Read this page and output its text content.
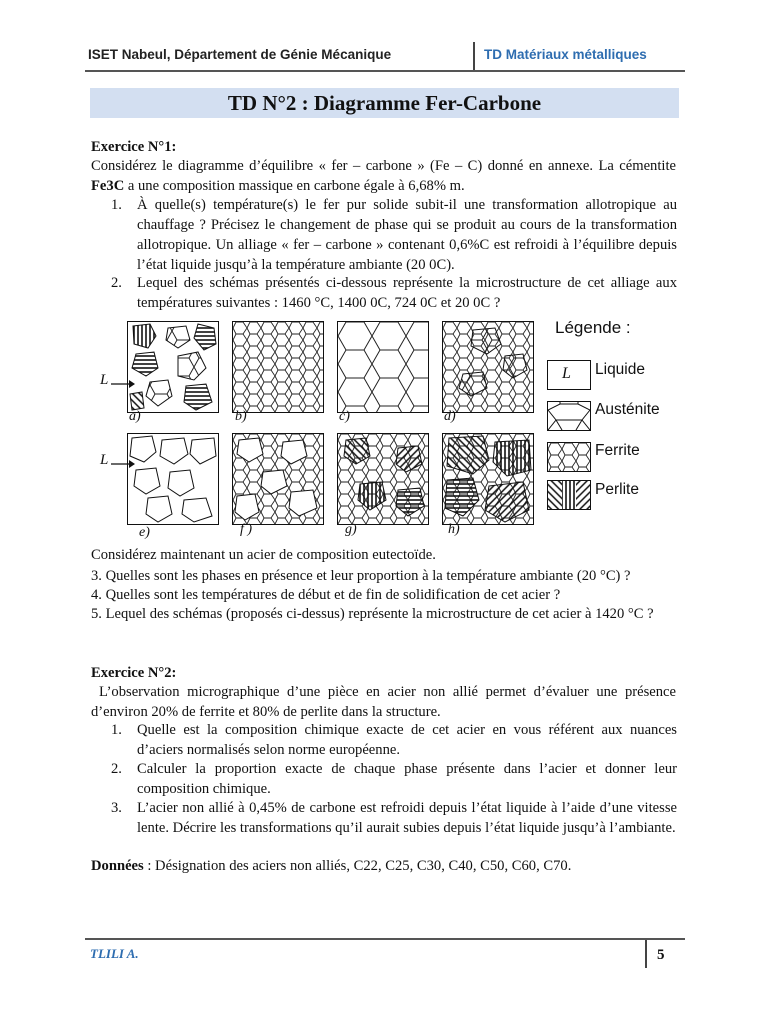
ISET Nabeul, Département de Génie Mécanique	TD Matériaux métalliques
TD N°2 : Diagramme Fer-Carbone
Exercice N°1:
Considérez le diagramme d’équilibre « fer – carbone » (Fe – C) donné en annexe. La cémentite Fe3C a une composition massique en carbone égale à 6,68% m.
1. À quelle(s) température(s) le fer pur solide subit-il une transformation allotropique au chauffage ? Précisez le changement de phase qui se produit au cours de la transformation allotropique. Un alliage « fer – carbone » contenant 0,6%C est refroidi à l’équilibre depuis l’état liquide jusqu’à la température ambiante (20 0C).
2. Lequel des schémas présentés ci-dessous représente la microstructure de cet alliage aux températures suivantes : 1460 °C, 1400 0C, 724 0C et 20 0C ?
L
L
a)	b)	c)	d)
e)	f )	g)	h)
Légende :
L Liquide
Austénite
Ferrite
Perlite
Considérez maintenant un acier de composition eutectoïde.
3. Quelles sont les phases en présence et leur proportion à la température ambiante (20 °C) ?
4. Quelles sont les températures de début et de fin de solidification de cet acier ?
5. Lequel des schémas (proposés ci-dessus) représente la microstructure de cet acier à 1420 °C ?
Exercice N°2:
L’observation micrographique d’une pièce en acier non allié permet d’évaluer une présence d’environ 20% de ferrite et 80% de perlite dans la structure.
1. Quelle est la composition chimique exacte de cet acier en vous référent aux nuances d’aciers normalisés selon norme européenne.
2. Calculer la proportion exacte de chaque phase présente dans l’acier et donner leur composition chimique.
3. L’acier non allié à 0,45% de carbone est refroidi depuis l’état liquide à l’aide d’une vitesse lente. Décrire les transformations qu’il aurait subies depuis l’état liquide jusqu’à l’ambiante.
Données : Désignation des aciers non alliés, C22, C25, C30, C40, C50, C60, C70.
TLILI A.	5
